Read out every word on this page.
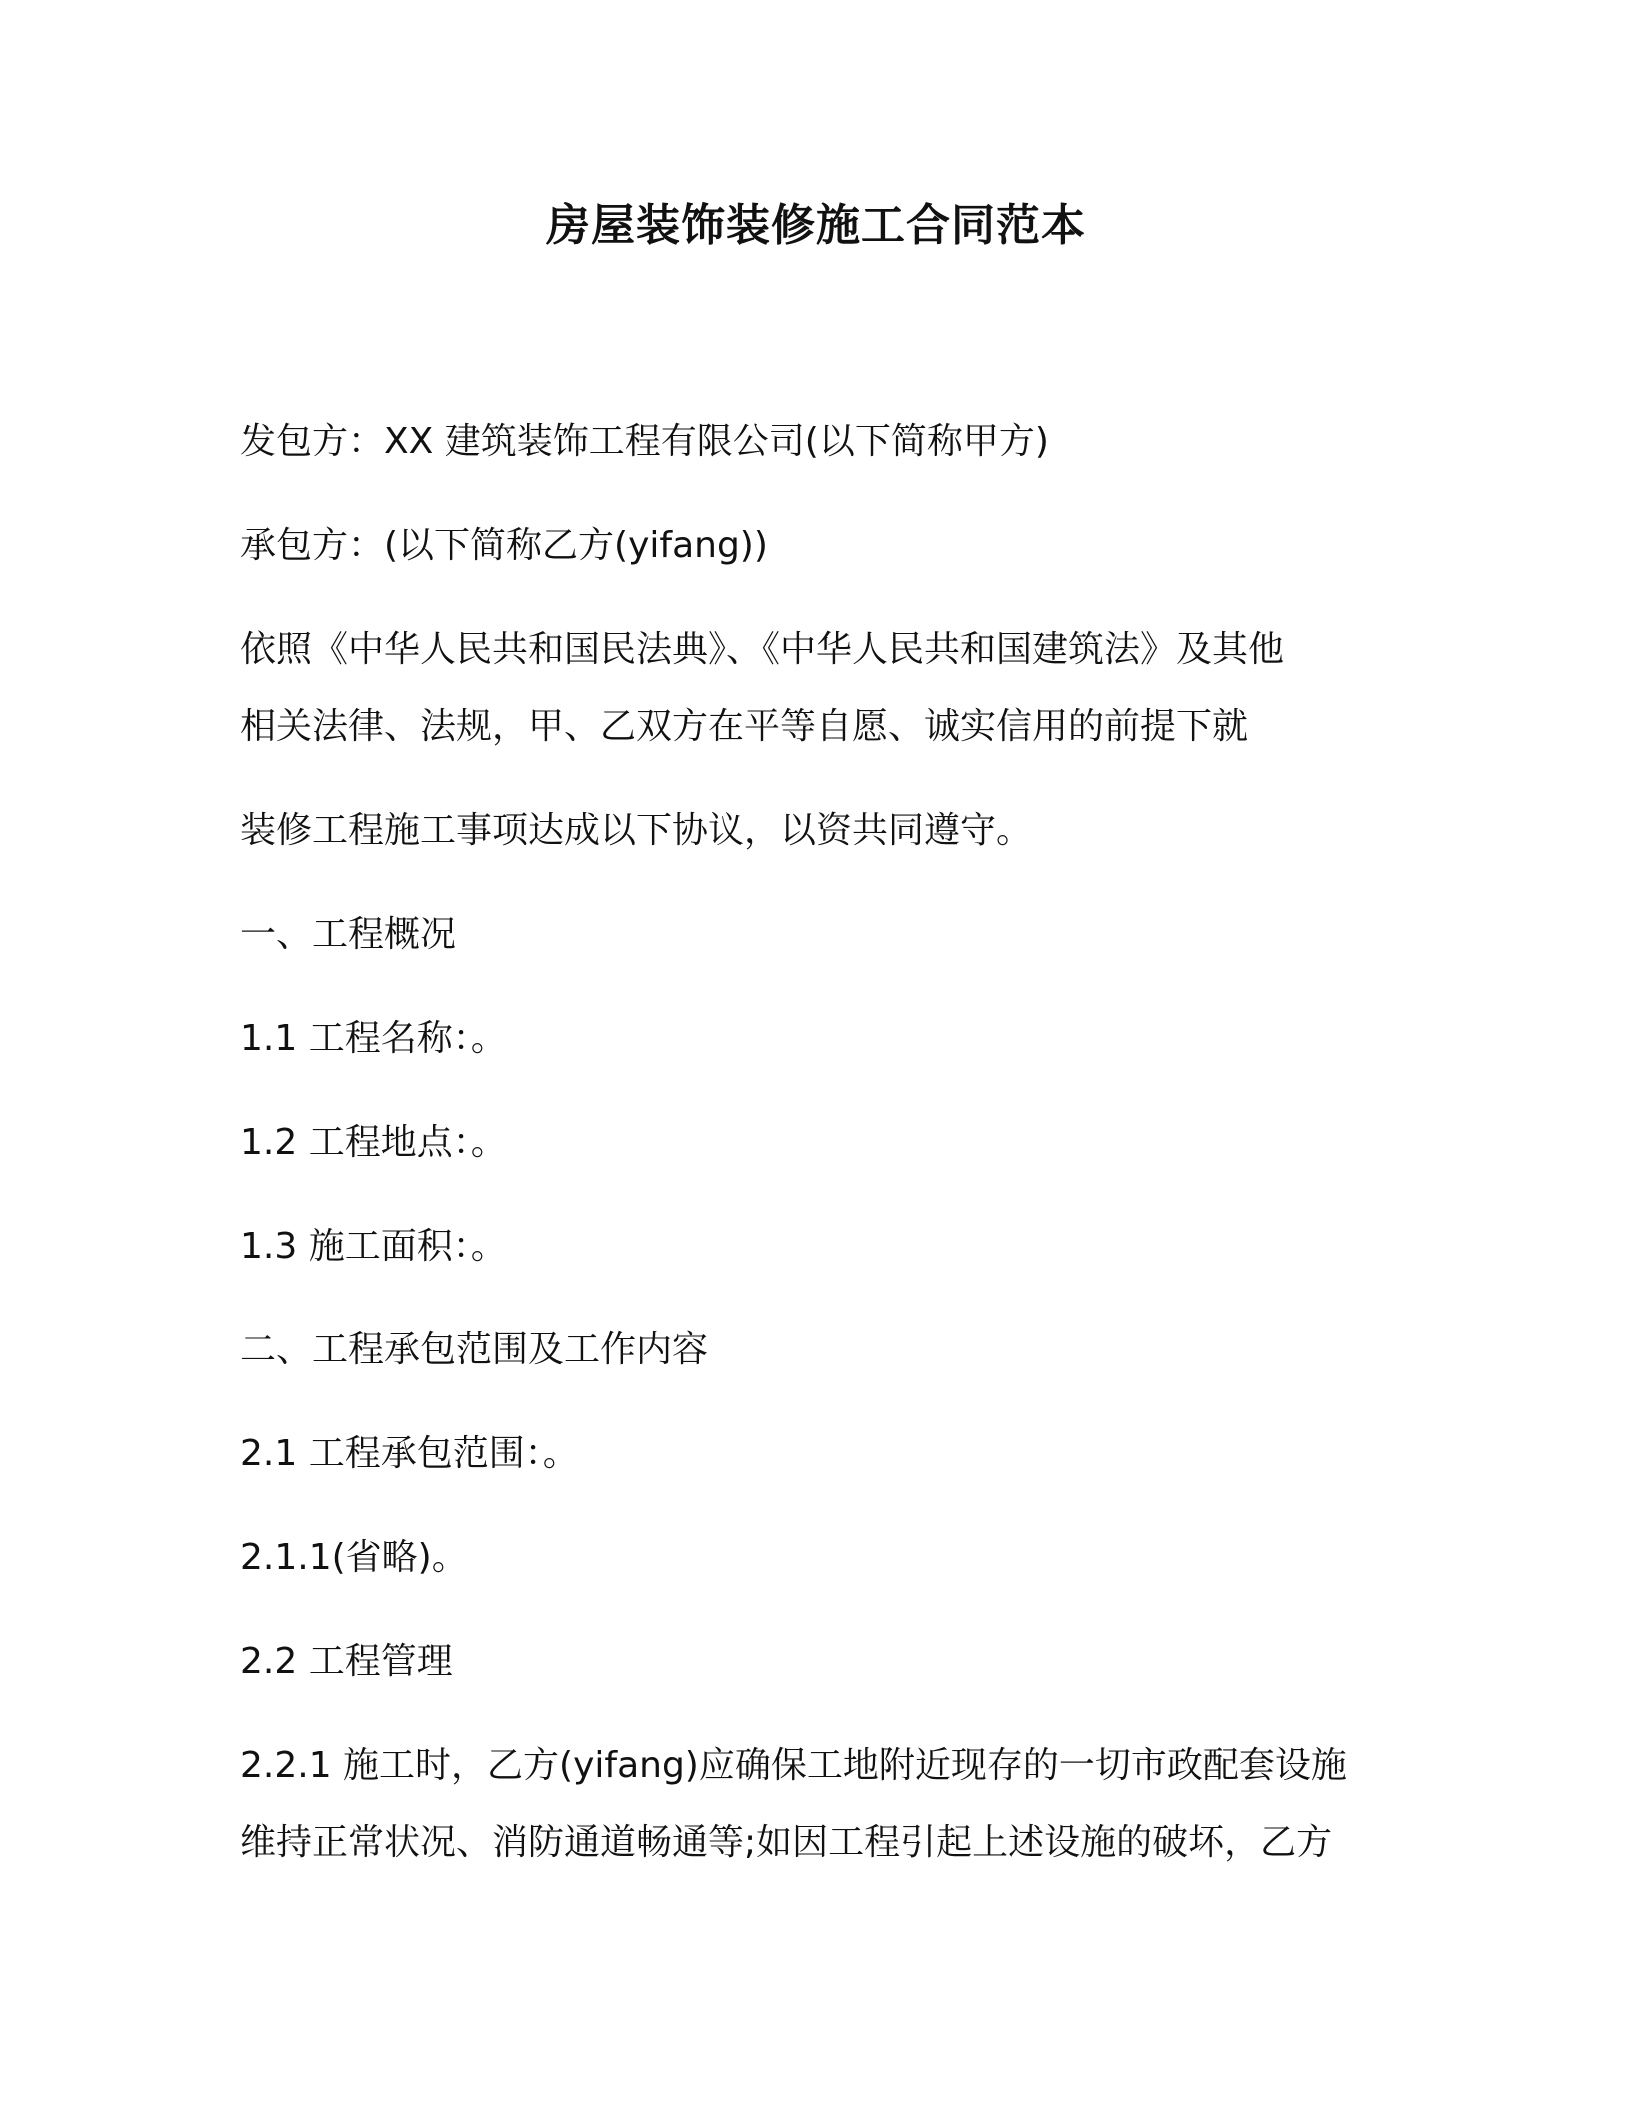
房屋装饰装修施工合同范本
发包方：XX 建筑装饰工程有限公司(以下简称甲方)
承包方：(以下简称乙方(yifang))
依照《中华人民共和国民法典》、《中华人民共和国建筑法》及其他
相关法律、法规，甲、乙双方在平等自愿、诚实信用的前提下就
装修工程施工事项达成以下协议，以资共同遵守。
一、工程概况
1.1 工程名称：。
1.2 工程地点：。
1.3 施工面积：。
二、工程承包范围及工作内容
2.1 工程承包范围：。
2.1.1(省略)。
2.2 工程管理
2.2.1 施工时，乙方(yifang)应确保工地附近现存的一切市政配套设施
维持正常状况、消防通道畅通等;如因工程引起上述设施的破坏，乙方
